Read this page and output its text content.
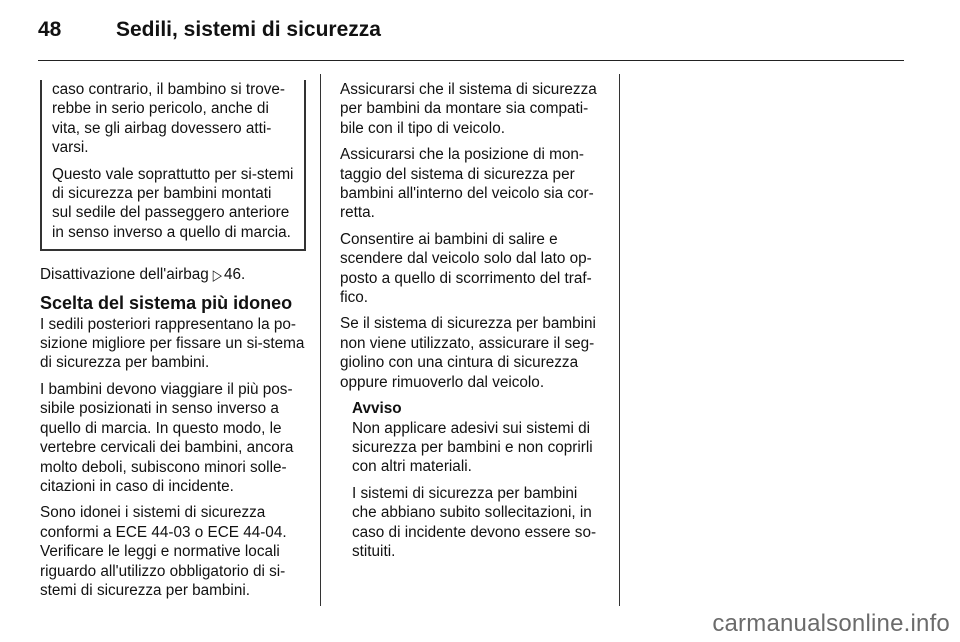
48	Sedili, sistemi di sicurezza

caso contrario, il bambino si trove-rebbe in serio pericolo, anche di vita, se gli airbag dovessero atti-varsi.

Questo vale soprattutto per si-stemi di sicurezza per bambini montati sul sedile del passeggero anteriore in senso inverso a quello di marcia.

Disattivazione dell'airbag ▷ 46.

Scelta del sistema più idoneo

I sedili posteriori rappresentano la po-sizione migliore per fissare un si-stema di sicurezza per bambini.

I bambini devono viaggiare il più pos-sibile posizionati in senso inverso a quello di marcia. In questo modo, le vertebre cervicali dei bambini, ancora molto deboli, subiscono minori solle-citazioni in caso di incidente.

Sono idonei i sistemi di sicurezza conformi a ECE 44-03 o ECE 44-04. Verificare le leggi e normative locali riguardo all'utilizzo obbligatorio di si-stemi di sicurezza per bambini.

Assicurarsi che il sistema di sicurezza per bambini da montare sia compati-bile con il tipo di veicolo.

Assicurarsi che la posizione di mon-taggio del sistema di sicurezza per bambini all'interno del veicolo sia cor-retta.

Consentire ai bambini di salire e scendere dal veicolo solo dal lato op-posto a quello di scorrimento del traf-fico.

Se il sistema di sicurezza per bambini non viene utilizzato, assicurare il seg-giolino con una cintura di sicurezza oppure rimuoverlo dal veicolo.

Avviso

Non applicare adesivi sui sistemi di sicurezza per bambini e non coprirli con altri materiali.

I sistemi di sicurezza per bambini che abbiano subito sollecitazioni, in caso di incidente devono essere so-stituiti.

carmanualsonline.info
